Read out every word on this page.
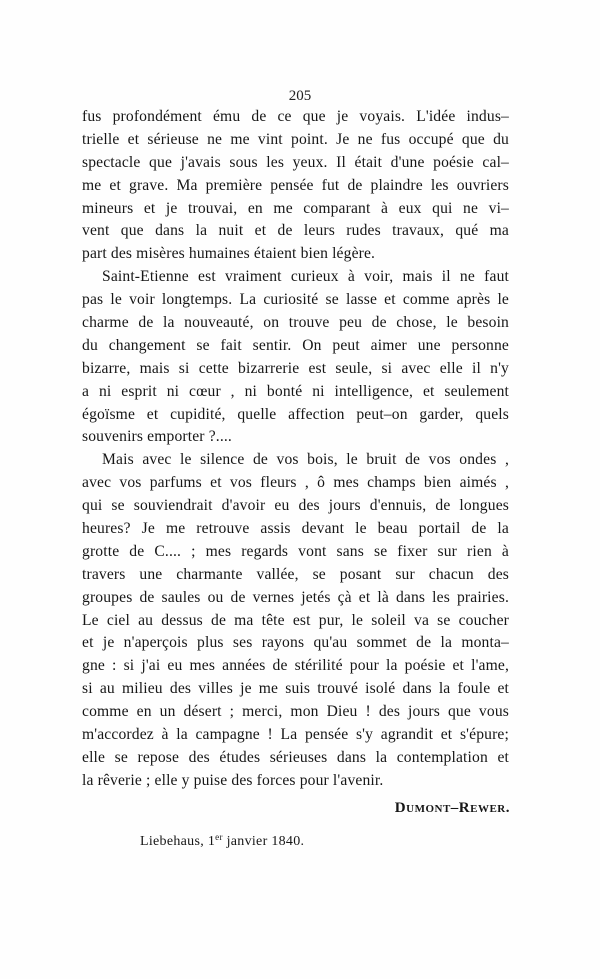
205
fus profondément ému de ce que je voyais. L'idée indus–
trielle et sérieuse ne me vint point. Je ne fus occupé que du
spectacle que j'avais sous les yeux. Il était d'une poésie cal–
me et grave. Ma première pensée fut de plaindre les ouvriers
mineurs et je trouvai, en me comparant à eux qui ne vi–
vent que dans la nuit et de leurs rudes travaux, qué ma
part des misères humaines étaient bien légère.
Saint-Etienne est vraiment curieux à voir, mais il ne faut
pas le voir longtemps. La curiosité se lasse et comme après le
charme de la nouveauté, on trouve peu de chose, le besoin
du changement se fait sentir. On peut aimer une personne
bizarre, mais si cette bizarrerie est seule, si avec elle il n'y
a ni esprit ni cœur , ni bonté ni intelligence, et seulement
égoïsme et cupidité, quelle affection peut–on garder, quels
souvenirs emporter ?....
Mais avec le silence de vos bois, le bruit de vos ondes ,
avec vos parfums et vos fleurs , ô mes champs bien aimés ,
qui se souviendrait d'avoir eu des jours d'ennuis, de longues
heures? Je me retrouve assis devant le beau portail de la
grotte de C.... ; mes regards vont sans se fixer sur rien à
travers une charmante vallée, se posant sur chacun des
groupes de saules ou de vernes jetés çà et là dans les prairies.
Le ciel au dessus de ma tête est pur, le soleil va se coucher
et je n'aperçois plus ses rayons qu'au sommet de la monta–
gne : si j'ai eu mes années de stérilité pour la poésie et l'ame,
si au milieu des villes je me suis trouvé isolé dans la foule et
comme en un désert ; merci, mon Dieu ! des jours que vous
m'accordez à la campagne ! La pensée s'y agrandit et s'épure;
elle se repose des études sérieuses dans la contemplation et
la rêverie ; elle y puise des forces pour l'avenir.
Dumont–Rewer.
Liebehaus, 1er janvier 1840.
